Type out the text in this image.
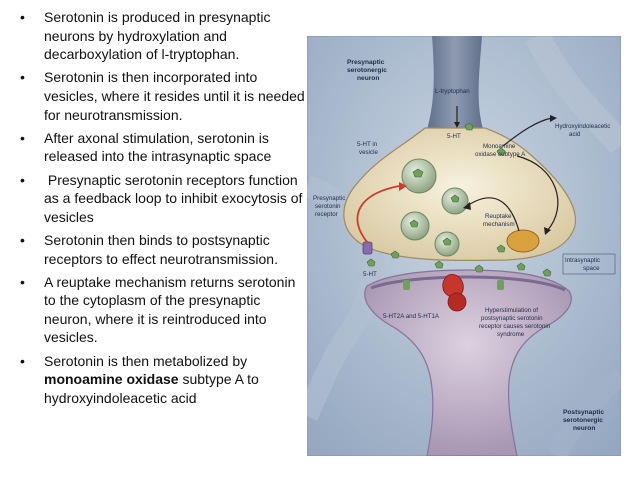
• Serotonin is produced in presynaptic neurons by hydroxylation and decarboxylation of l-tryptophan.
• Serotonin is then incorporated into vesicles, where it resides until it is needed for neurotransmission.
• After axonal stimulation, serotonin is released into the intrasynaptic space
• Presynaptic serotonin receptors function as a feedback loop to inhibit exocytosis of vesicles
• Serotonin then binds to postsynaptic receptors to effect neurotransmission.
• A reuptake mechanism returns serotonin to the cytoplasm of the presynaptic neuron, where it is reintroduced into vesicles.
• Serotonin is then metabolized by monoamine oxidase subtype A to hydroxyindoleacetic acid
Presynaptic
serotonergic
neuron
L-tryptophan
5-HT
Hydroxyindoleacetic
acid
5-HT in
vesicle
Monoamine
oxidase subtype A
Presynaptic
serotonin
receptor	Reuptake
mechanism
5-HT
Intrasynaptic
space
5-HT2A and 5-HT1A
Hyperstimulation of
postsynaptic serotonin
receptor causes serotonin
syndrome
Postsynaptic
serotonergic
neuron
